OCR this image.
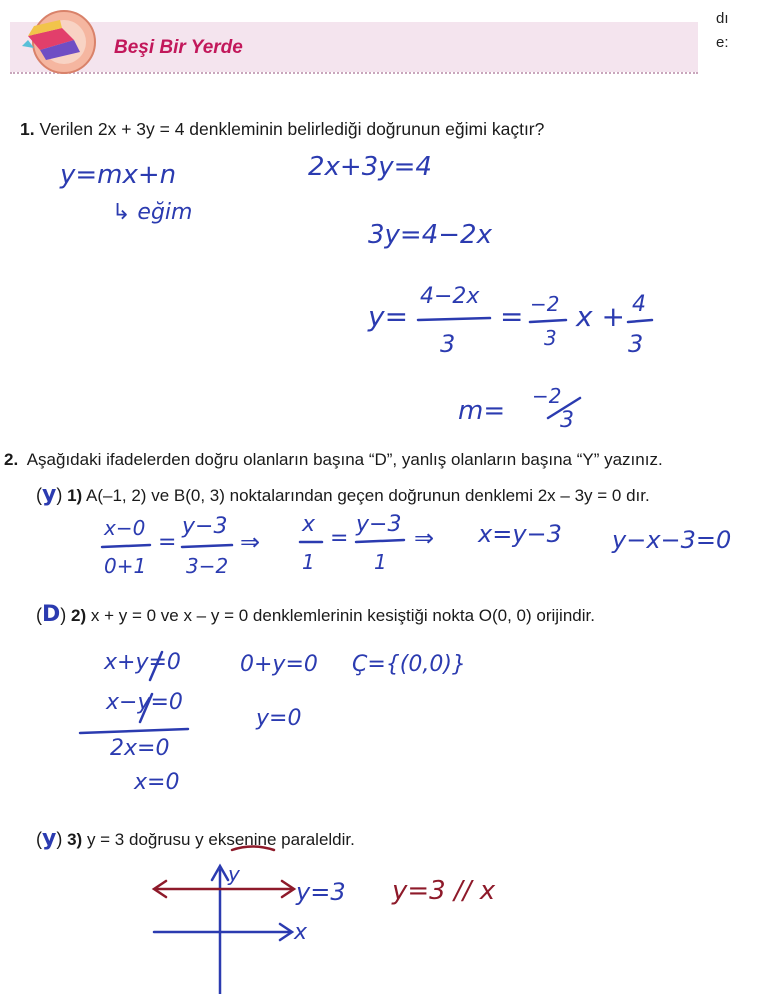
Beşi Bir Yerde
dı
e:
1. Verilen 2x + 3y = 4 denkleminin belirlediği doğrunun eğimi kaçtır?
y=mx+n
↳ eğim
2x+3y=4
3y=4−2x
y=
4−2x
3
= −2
3
x + 4
3
m= −2
3
2. Aşağıdaki ifadelerden doğru olanların başına “D”, yanlış olanların başına “Y” yazınız.
(y) 1) A(–1, 2) ve B(0, 3) noktalarından geçen doğrunun denklemi 2x – 3y = 0 dır.
x−0
0+1
=
y−3
3−2
⇒
x
1
=
y−3
1
⇒ x=y−3 y−x−3=0
(D) 2) x + y = 0 ve x – y = 0 denklemlerinin kesiştiği nokta O(0, 0) orijindir.
x+y=0
x−y=0
2x=0
x=0
0+y=0
y=0
Ç={(0,0)}
(y) 3) y = 3 doğrusu y eksenine paraleldir.
y
x
y=3 y=3 // x
